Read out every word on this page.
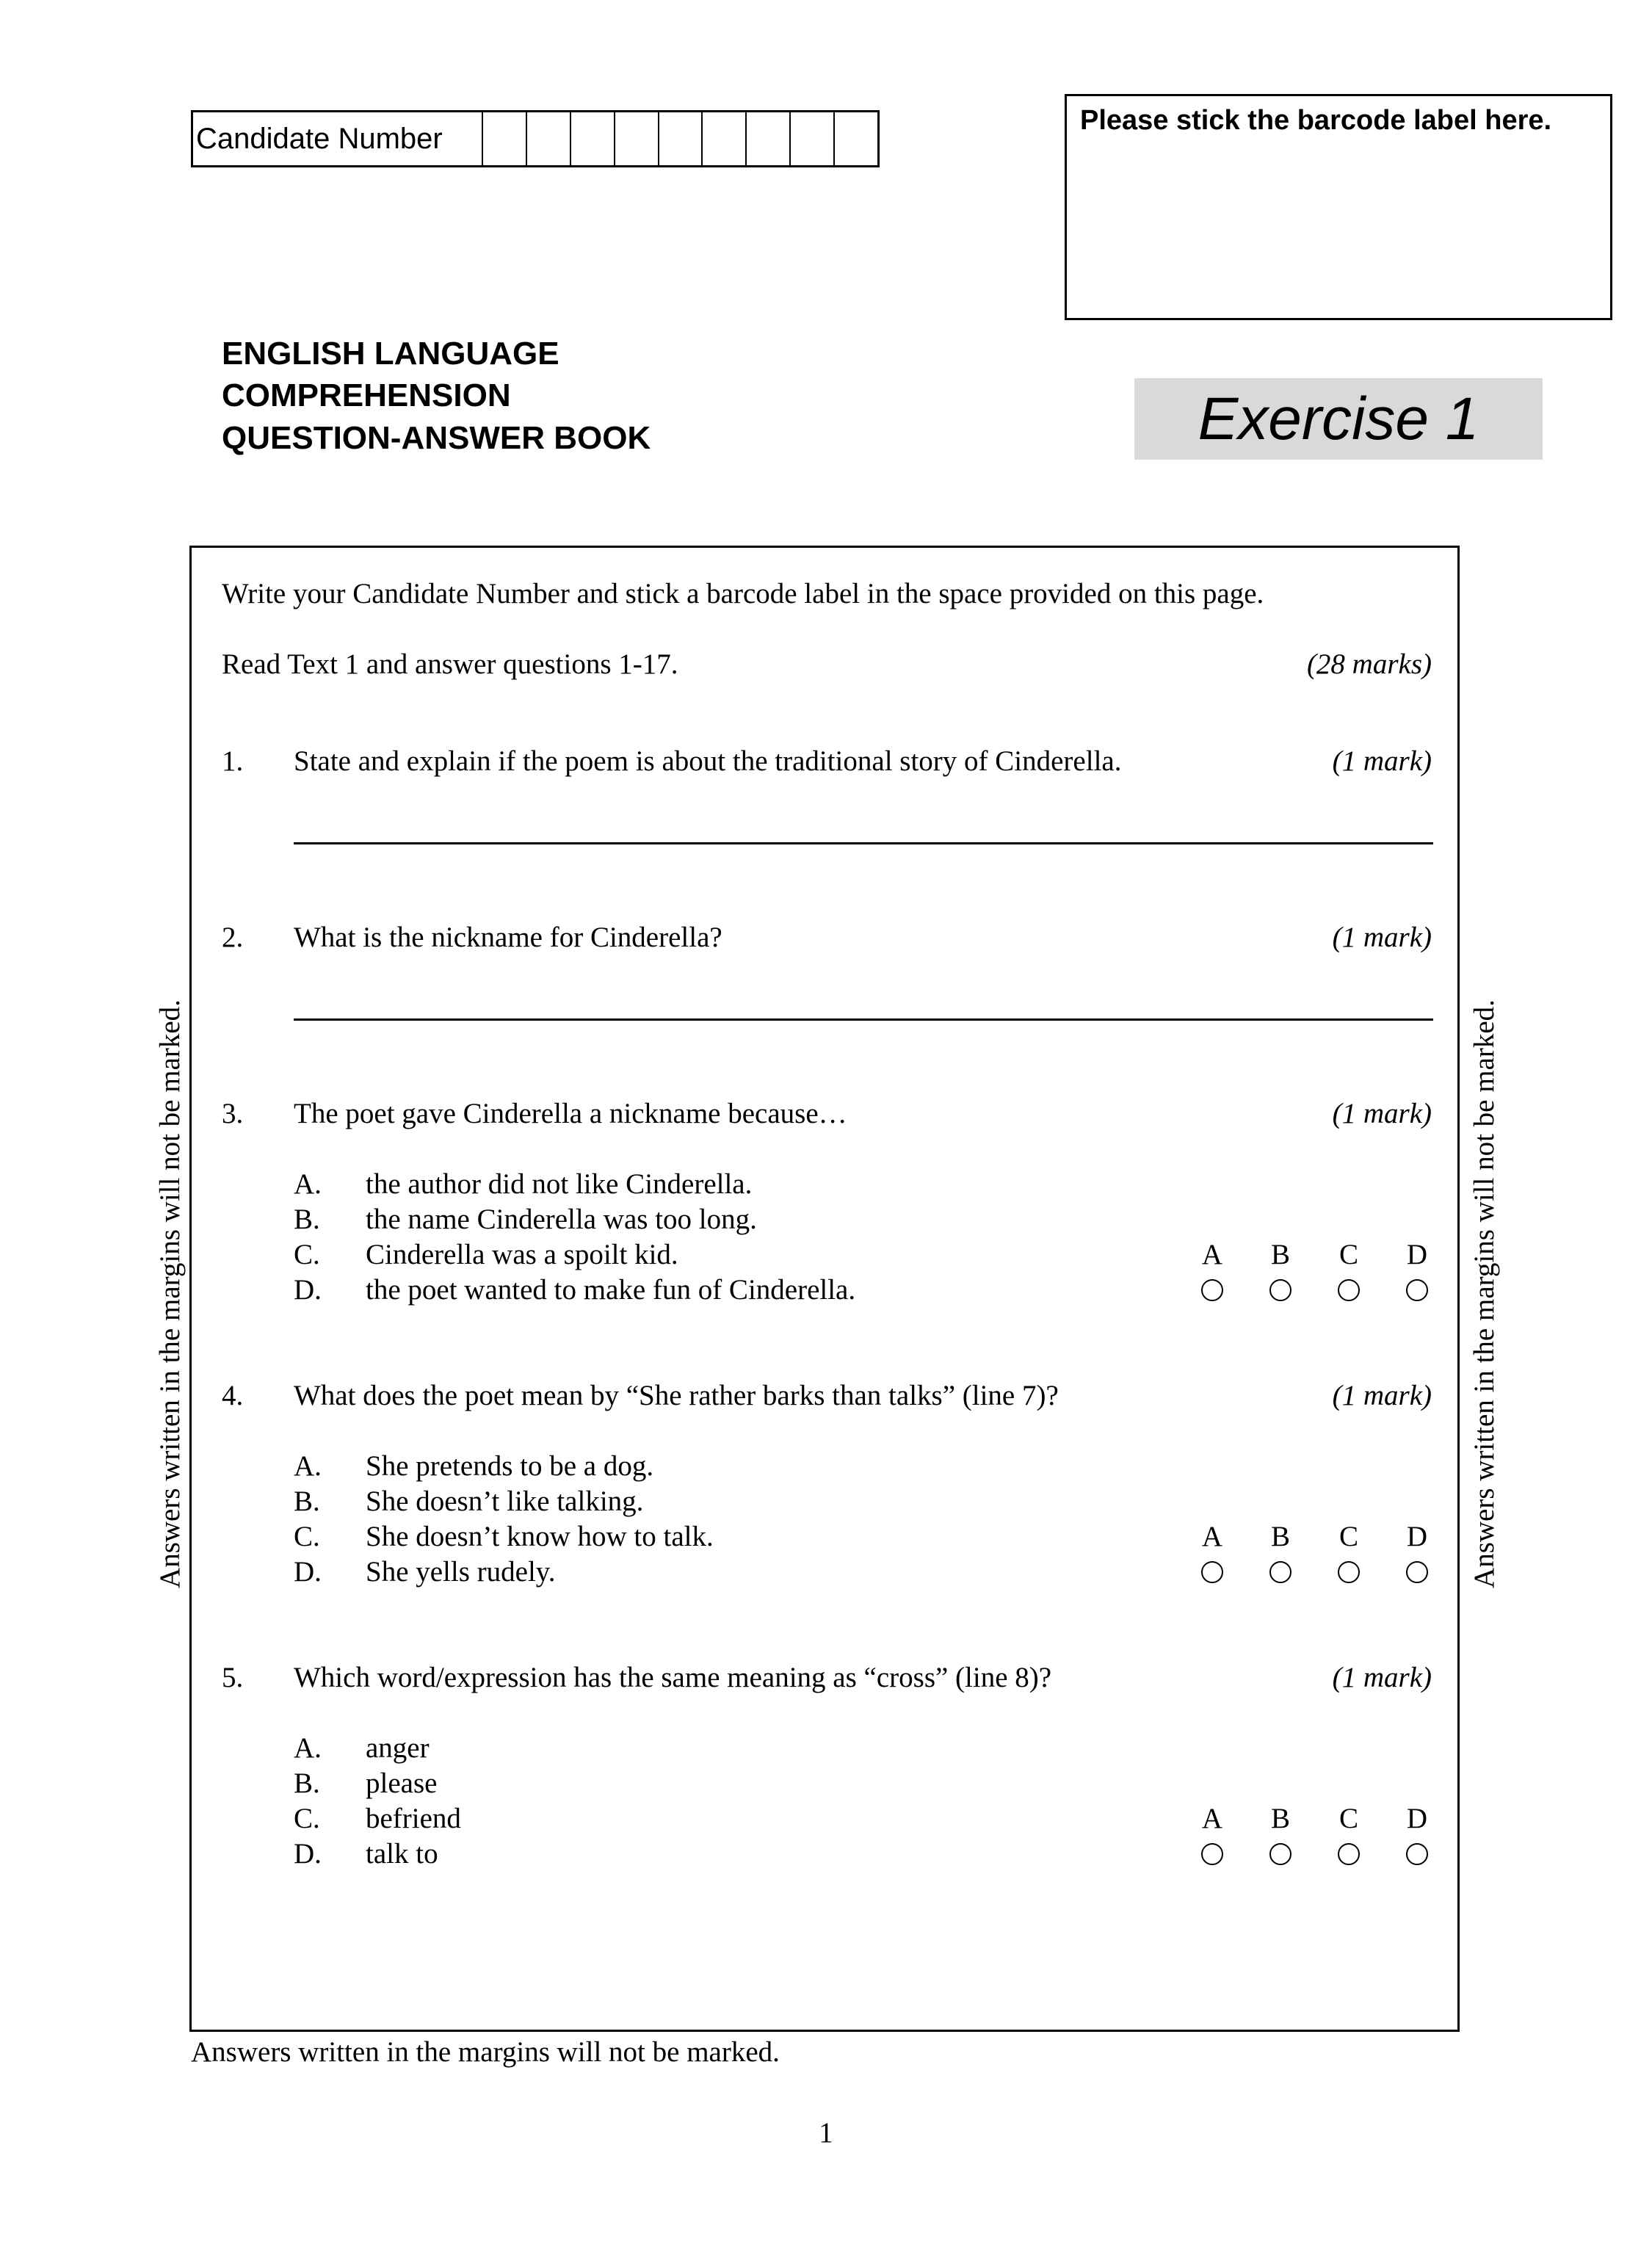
Candidate Number
Please stick the barcode label here.
ENGLISH LANGUAGE
COMPREHENSION
QUESTION-ANSWER BOOK	Exercise 1
Write your Candidate Number and stick a barcode label in the space provided on this page.
Read Text 1 and answer questions 1-17.	(28 marks)
1. State and explain if the poem is about the traditional story of Cinderella.	(1 mark)
2. What is the nickname for Cinderella?	(1 mark)
3. The poet gave Cinderella a nickname because…	(1 mark)
A. the author did not like Cinderella.
B. the name Cinderella was too long.
C. Cinderella was a spoilt kid.
D. the poet wanted to make fun of Cinderella.
A B C D
4. What does the poet mean by “She rather barks than talks” (line 7)?	(1 mark)
A. She pretends to be a dog.
B. She doesn’t like talking.
C. She doesn’t know how to talk.
D. She yells rudely.
A B C D
5. Which word/expression has the same meaning as “cross” (line 8)?	(1 mark)
A. anger
B. please
C. befriend
D. talk to
A B C D
Answers written in the margins will not be marked.	Answers written in the margins will not be marked.
Answers written in the margins will not be marked.
1
